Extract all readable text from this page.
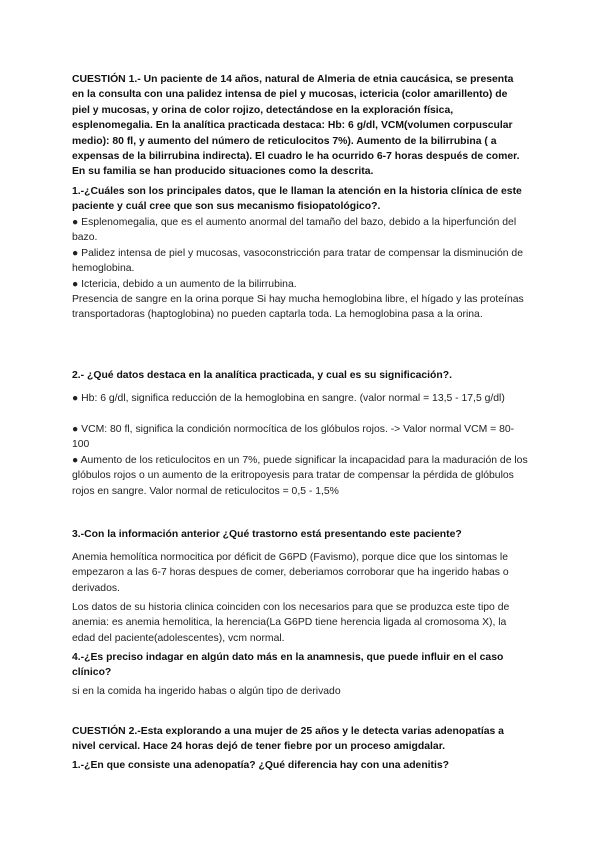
CUESTIÓN 1.- Un paciente de 14 años, natural de Almeria de etnia caucásica, se presenta en la consulta con una palidez intensa de piel y mucosas, ictericia (color amarillento) de piel y mucosas, y orina de color rojizo, detectándose en la exploración física, esplenomegalia. En la analítica practicada destaca: Hb: 6 g/dl, VCM(volumen corpuscular medio): 80 fl, y aumento del número de reticulocitos 7%). Aumento de la bilirrubina ( a expensas de la bilirrubina indirecta). El cuadro le ha ocurrido 6-7 horas después de comer. En su familia se han producido situaciones como la descrita.

1.-¿Cuáles son los principales datos, que le llaman la atención en la historia clínica de este paciente y cuál cree que son sus mecanismo fisiopatológico?.

● Esplenomegalia, que es el aumento anormal del tamaño del bazo, debido a la hiperfunción del bazo.

● Palidez intensa de piel y mucosas, vasoconstricción para tratar de compensar la disminución de hemoglobina.

● Ictericia, debido a un aumento de la bilirrubina.

Presencia de sangre en la orina porque Si hay mucha hemoglobina libre, el hígado y las proteínas transportadoras (haptoglobina) no pueden captarla toda. La hemoglobina pasa a la orina.

2.- ¿Qué datos destaca en la analítica practicada, y cual es su significación?.

● Hb: 6 g/dl, significa reducción de la hemoglobina en sangre. (valor normal = 13,5 - 17,5 g/dl)

● VCM: 80 fl, significa la condición normocítica de los glóbulos rojos. -> Valor normal VCM = 80-100

● Aumento de los reticulocitos en un 7%, puede significar la incapacidad para la maduración de los glóbulos rojos o un aumento de la eritropoyesis para tratar de compensar la pérdida de glóbulos rojos en sangre. Valor normal de reticulocitos = 0,5 - 1,5%

3.-Con la información anterior ¿Qué trastorno está presentando este paciente?

Anemia hemolítica normocitica por déficit de G6PD (Favismo), porque dice que los sintomas le empezaron a las 6-7 horas despues de comer, deberiamos corroborar que ha ingerido habas o derivados.

Los datos de su historia clinica coinciden con los necesarios para que se produzca este tipo de anemia: es anemia hemolitica, la herencia(La G6PD tiene herencia ligada al cromosoma X), la edad del paciente(adolescentes), vcm normal.

4.-¿Es preciso indagar en algún dato más en la anamnesis, que puede influir en el caso clínico?

si en la comida ha ingerido habas o algún tipo de derivado

CUESTIÓN 2.-Esta explorando a una mujer de 25 años y le detecta varias adenopatías a nivel cervical. Hace 24 horas dejó de tener fiebre por un proceso amigdalar.

1.-¿En que consiste una adenopatía? ¿Qué diferencia hay con una adenitis?
